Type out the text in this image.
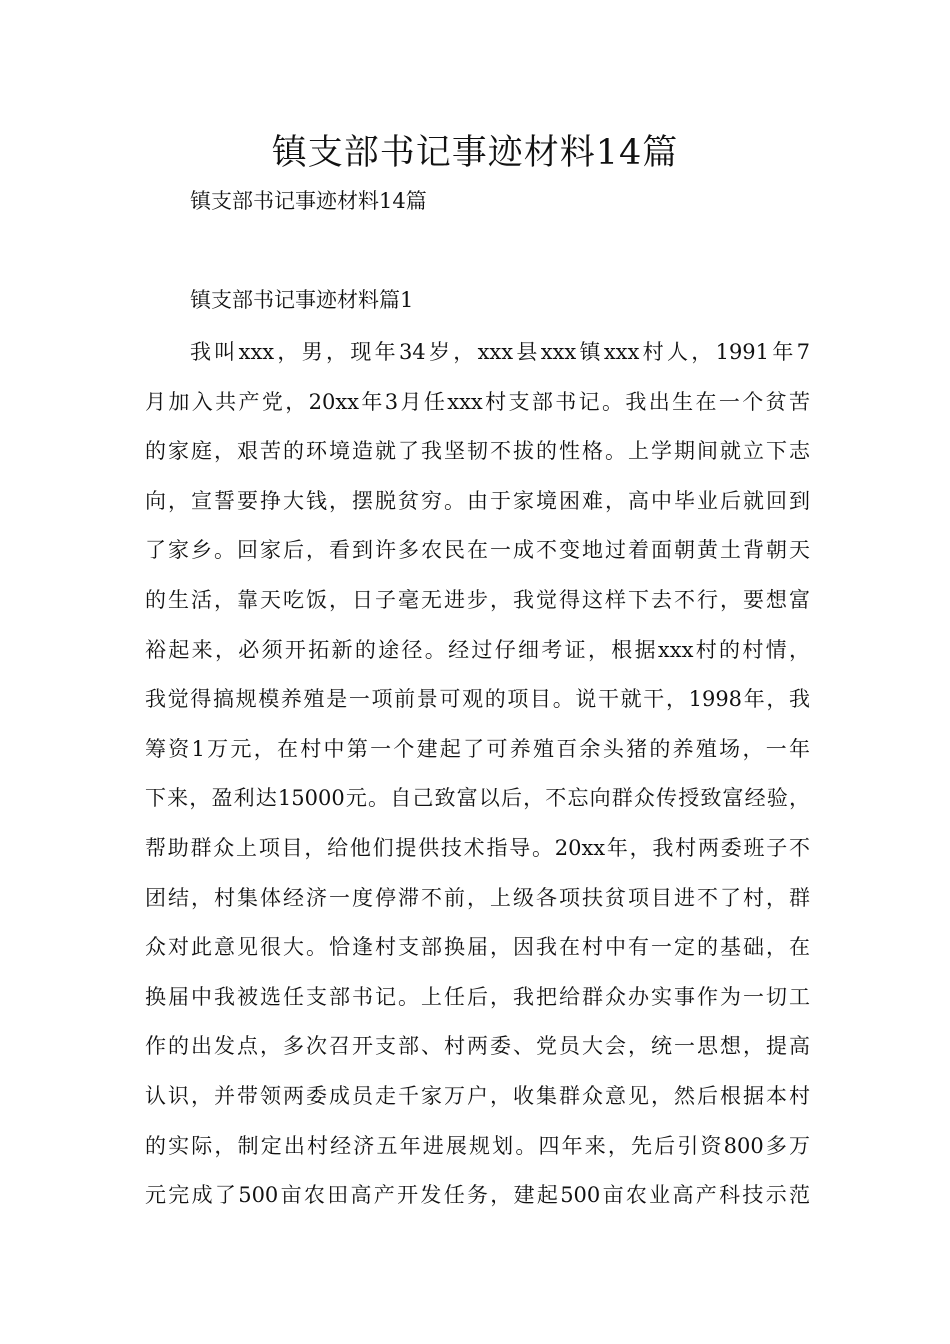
镇支部书记事迹材料14篇

镇支部书记事迹材料14篇

镇支部书记事迹材料篇1

我叫xxx，男，现年34岁，xxx县xxx镇xxx村人，1991年7
月加入共产党，20xx年3月任xxx村支部书记。我出生在一个贫苦
的家庭，艰苦的环境造就了我坚韧不拔的性格。上学期间就立下志
向，宣誓要挣大钱，摆脱贫穷。由于家境困难，高中毕业后就回到
了家乡。回家后，看到许多农民在一成不变地过着面朝黄土背朝天
的生活，靠天吃饭，日子毫无进步，我觉得这样下去不行，要想富
裕起来，必须开拓新的途径。经过仔细考证，根据xxx村的村情，
我觉得搞规模养殖是一项前景可观的项目。说干就干，1998年，我
筹资1万元，在村中第一个建起了可养殖百余头猪的养殖场，一年
下来，盈利达15000元。自己致富以后，不忘向群众传授致富经验，
帮助群众上项目，给他们提供技术指导。20xx年，我村两委班子不
团结，村集体经济一度停滞不前，上级各项扶贫项目进不了村，群
众对此意见很大。恰逢村支部换届，因我在村中有一定的基础，在
换届中我被选任支部书记。上任后，我把给群众办实事作为一切工
作的出发点，多次召开支部、村两委、党员大会，统一思想，提高
认识，并带领两委成员走千家万户，收集群众意见，然后根据本村
的实际，制定出村经济五年进展规划。四年来，先后引资800多万
元完成了500亩农田高产开发任务，建起500亩农业高产科技示范
